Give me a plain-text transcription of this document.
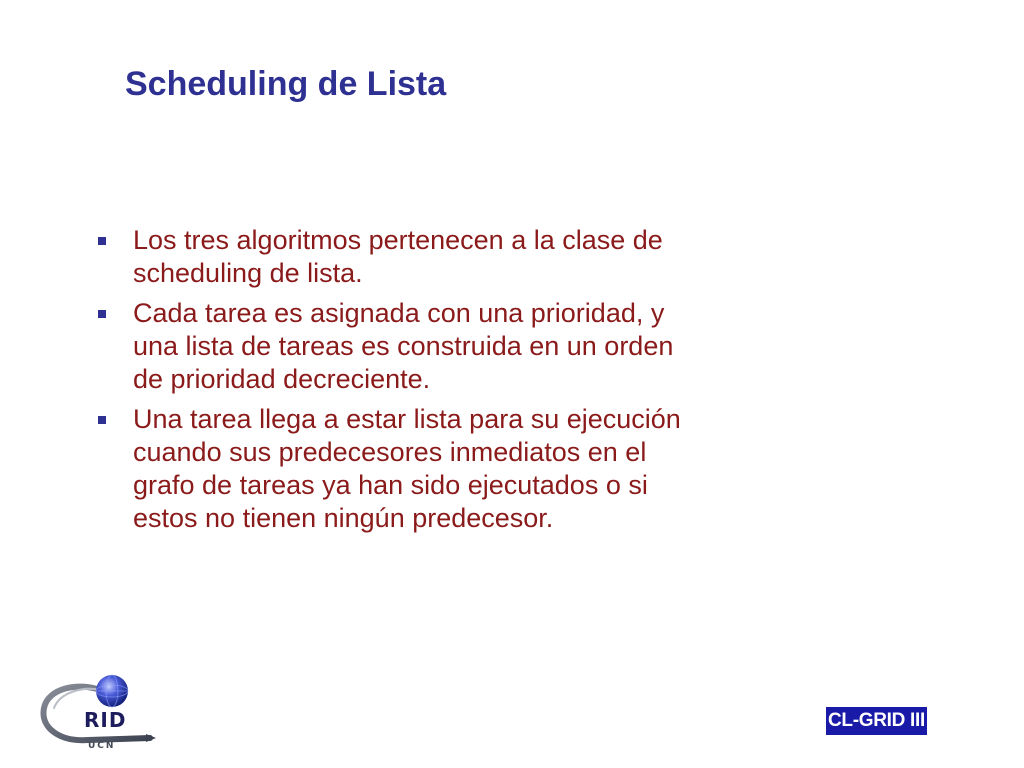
Scheduling de Lista
Los tres algoritmos pertenecen a la clase de
scheduling de lista.
Cada tarea es asignada con una prioridad, y
una lista de tareas es construida en un orden
de prioridad decreciente.
Una tarea llega a estar lista para su ejecución
cuando sus predecesores inmediatos en el
grafo de tareas ya han sido ejecutados o si
estos no tienen ningún predecesor.
RID
UCN
CL-GRID III
